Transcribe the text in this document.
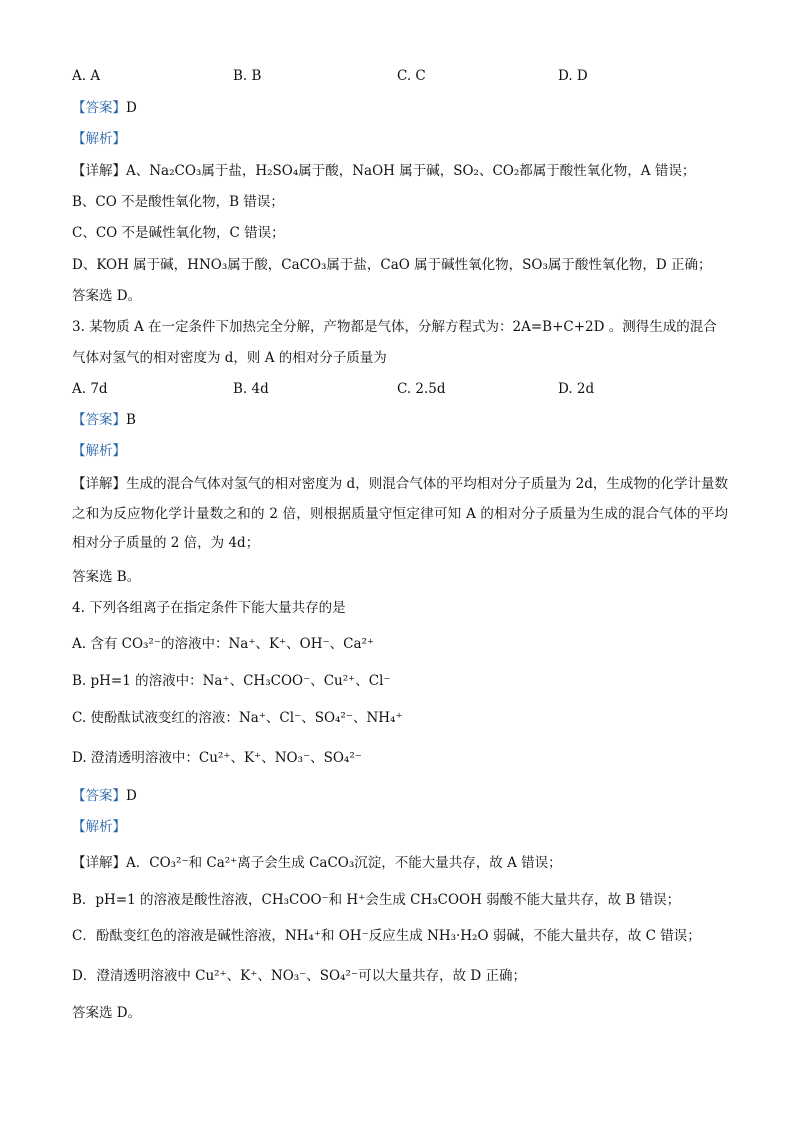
A. A	B. B	C. C	D. D
【答案】D
【解析】
【详解】A、Na₂CO₃属于盐，H₂SO₄属于酸，NaOH 属于碱，SO₂、CO₂都属于酸性氧化物，A 错误；
B、CO 不是酸性氧化物，B 错误；
C、CO 不是碱性氧化物，C 错误；
D、KOH 属于碱，HNO₃属于酸，CaCO₃属于盐，CaO 属于碱性氧化物，SO₃属于酸性氧化物，D 正确；
答案选 D。
3. 某物质 A 在一定条件下加热完全分解，产物都是气体，分解方程式为：2A=B+C+2D 。测得生成的混合
气体对氢气的相对密度为 d，则 A 的相对分子质量为
A. 7d	B. 4d	C. 2.5d	D. 2d
【答案】B
【解析】
【详解】生成的混合气体对氢气的相对密度为 d，则混合气体的平均相对分子质量为 2d，生成物的化学计量数之和为反应物化学计量数之和的 2 倍，则根据质量守恒定律可知 A 的相对分子质量为生成的混合气体的平均相对分子质量的 2 倍，为 4d；
答案选 B。
4. 下列各组离子在指定条件下能大量共存的是
A. 含有 CO₃²⁻的溶液中：Na⁺、K⁺、OH⁻、Ca²⁺
B. pH=1 的溶液中：Na⁺、CH₃COO⁻、Cu²⁺、Cl⁻
C. 使酚酞试液变红的溶液：Na⁺、Cl⁻、SO₄²⁻、NH₄⁺
D. 澄清透明溶液中：Cu²⁺、K⁺、NO₃⁻、SO₄²⁻
【答案】D
【解析】
【详解】A．CO₃²⁻和 Ca²⁺离子会生成 CaCO₃沉淀，不能大量共存，故 A 错误；
B．pH=1 的溶液是酸性溶液，CH₃COO⁻和 H⁺会生成 CH₃COOH 弱酸不能大量共存，故 B 错误；
C．酚酞变红色的溶液是碱性溶液，NH₄⁺和 OH⁻反应生成 NH₃·H₂O 弱碱，不能大量共存，故 C 错误；
D．澄清透明溶液中 Cu²⁺、K⁺、NO₃⁻、SO₄²⁻可以大量共存，故 D 正确；
答案选 D。
